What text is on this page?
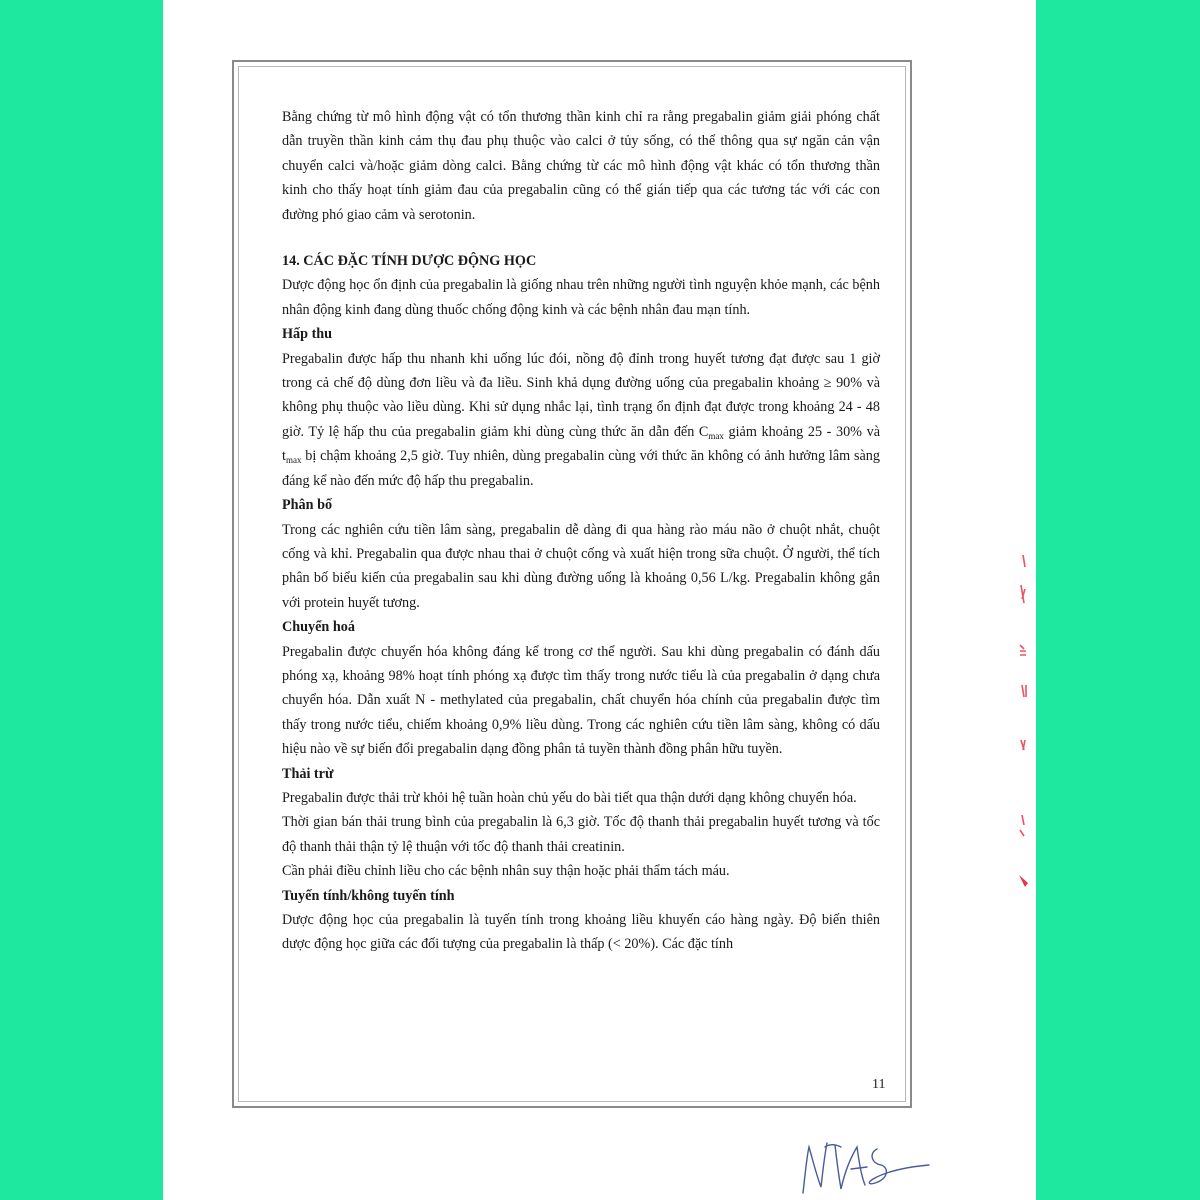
Bằng chứng từ mô hình động vật có tổn thương thần kinh chỉ ra rằng pregabalin giảm giải phóng chất dẫn truyền thần kinh cảm thụ đau phụ thuộc vào calci ở tủy sống, có thể thông qua sự ngăn cản vận chuyển calci và/hoặc giảm dòng calci. Bằng chứng từ các mô hình động vật khác có tổn thương thần kinh cho thấy hoạt tính giảm đau của pregabalin cũng có thể gián tiếp qua các tương tác với các con đường phó giao cảm và serotonin.

14. CÁC ĐẶC TÍNH DƯỢC ĐỘNG HỌC

Dược động học ổn định của pregabalin là giống nhau trên những người tình nguyện khỏe mạnh, các bệnh nhân động kinh đang dùng thuốc chống động kinh và các bệnh nhân đau mạn tính.

Hấp thu

Pregabalin được hấp thu nhanh khi uống lúc đói, nồng độ đỉnh trong huyết tương đạt được sau 1 giờ trong cả chế độ dùng đơn liều và đa liều. Sinh khả dụng đường uống của pregabalin khoảng ≥ 90% và không phụ thuộc vào liều dùng. Khi sử dụng nhắc lại, tình trạng ổn định đạt được trong khoảng 24 - 48 giờ. Tỷ lệ hấp thu của pregabalin giảm khi dùng cùng thức ăn dẫn đến $C_{max}$ giảm khoảng 25 - 30% và $t_{max}$ bị chậm khoảng 2,5 giờ. Tuy nhiên, dùng pregabalin cùng với thức ăn không có ảnh hưởng lâm sàng đáng kể nào đến mức độ hấp thu pregabalin.

Phân bố

Trong các nghiên cứu tiền lâm sàng, pregabalin dễ dàng đi qua hàng rào máu não ở chuột nhắt, chuột cống và khỉ. Pregabalin qua được nhau thai ở chuột cống và xuất hiện trong sữa chuột. Ở người, thể tích phân bố biểu kiến của pregabalin sau khi dùng đường uống là khoảng 0,56 L/kg. Pregabalin không gắn với protein huyết tương.

Chuyển hoá

Pregabalin được chuyển hóa không đáng kể trong cơ thể người. Sau khi dùng pregabalin có đánh dấu phóng xạ, khoảng 98% hoạt tính phóng xạ được tìm thấy trong nước tiểu là của pregabalin ở dạng chưa chuyển hóa. Dẫn xuất N - methylated của pregabalin, chất chuyển hóa chính của pregabalin được tìm thấy trong nước tiểu, chiếm khoảng 0,9% liều dùng. Trong các nghiên cứu tiền lâm sàng, không có dấu hiệu nào về sự biến đổi pregabalin dạng đồng phân tả tuyền thành đồng phân hữu tuyền.

Thải trừ

Pregabalin được thải trừ khỏi hệ tuần hoàn chủ yếu do bài tiết qua thận dưới dạng không chuyển hóa.

Thời gian bán thải trung bình của pregabalin là 6,3 giờ. Tốc độ thanh thải pregabalin huyết tương và tốc độ thanh thải thận tỷ lệ thuận với tốc độ thanh thải creatinin.

Cần phải điều chỉnh liều cho các bệnh nhân suy thận hoặc phải thẩm tách máu.

Tuyến tính/không tuyến tính

Dược động học của pregabalin là tuyến tính trong khoảng liều khuyến cáo hàng ngày. Độ biến thiên dược động học giữa các đối tượng của pregabalin là thấp (< 20%). Các đặc tính

11
